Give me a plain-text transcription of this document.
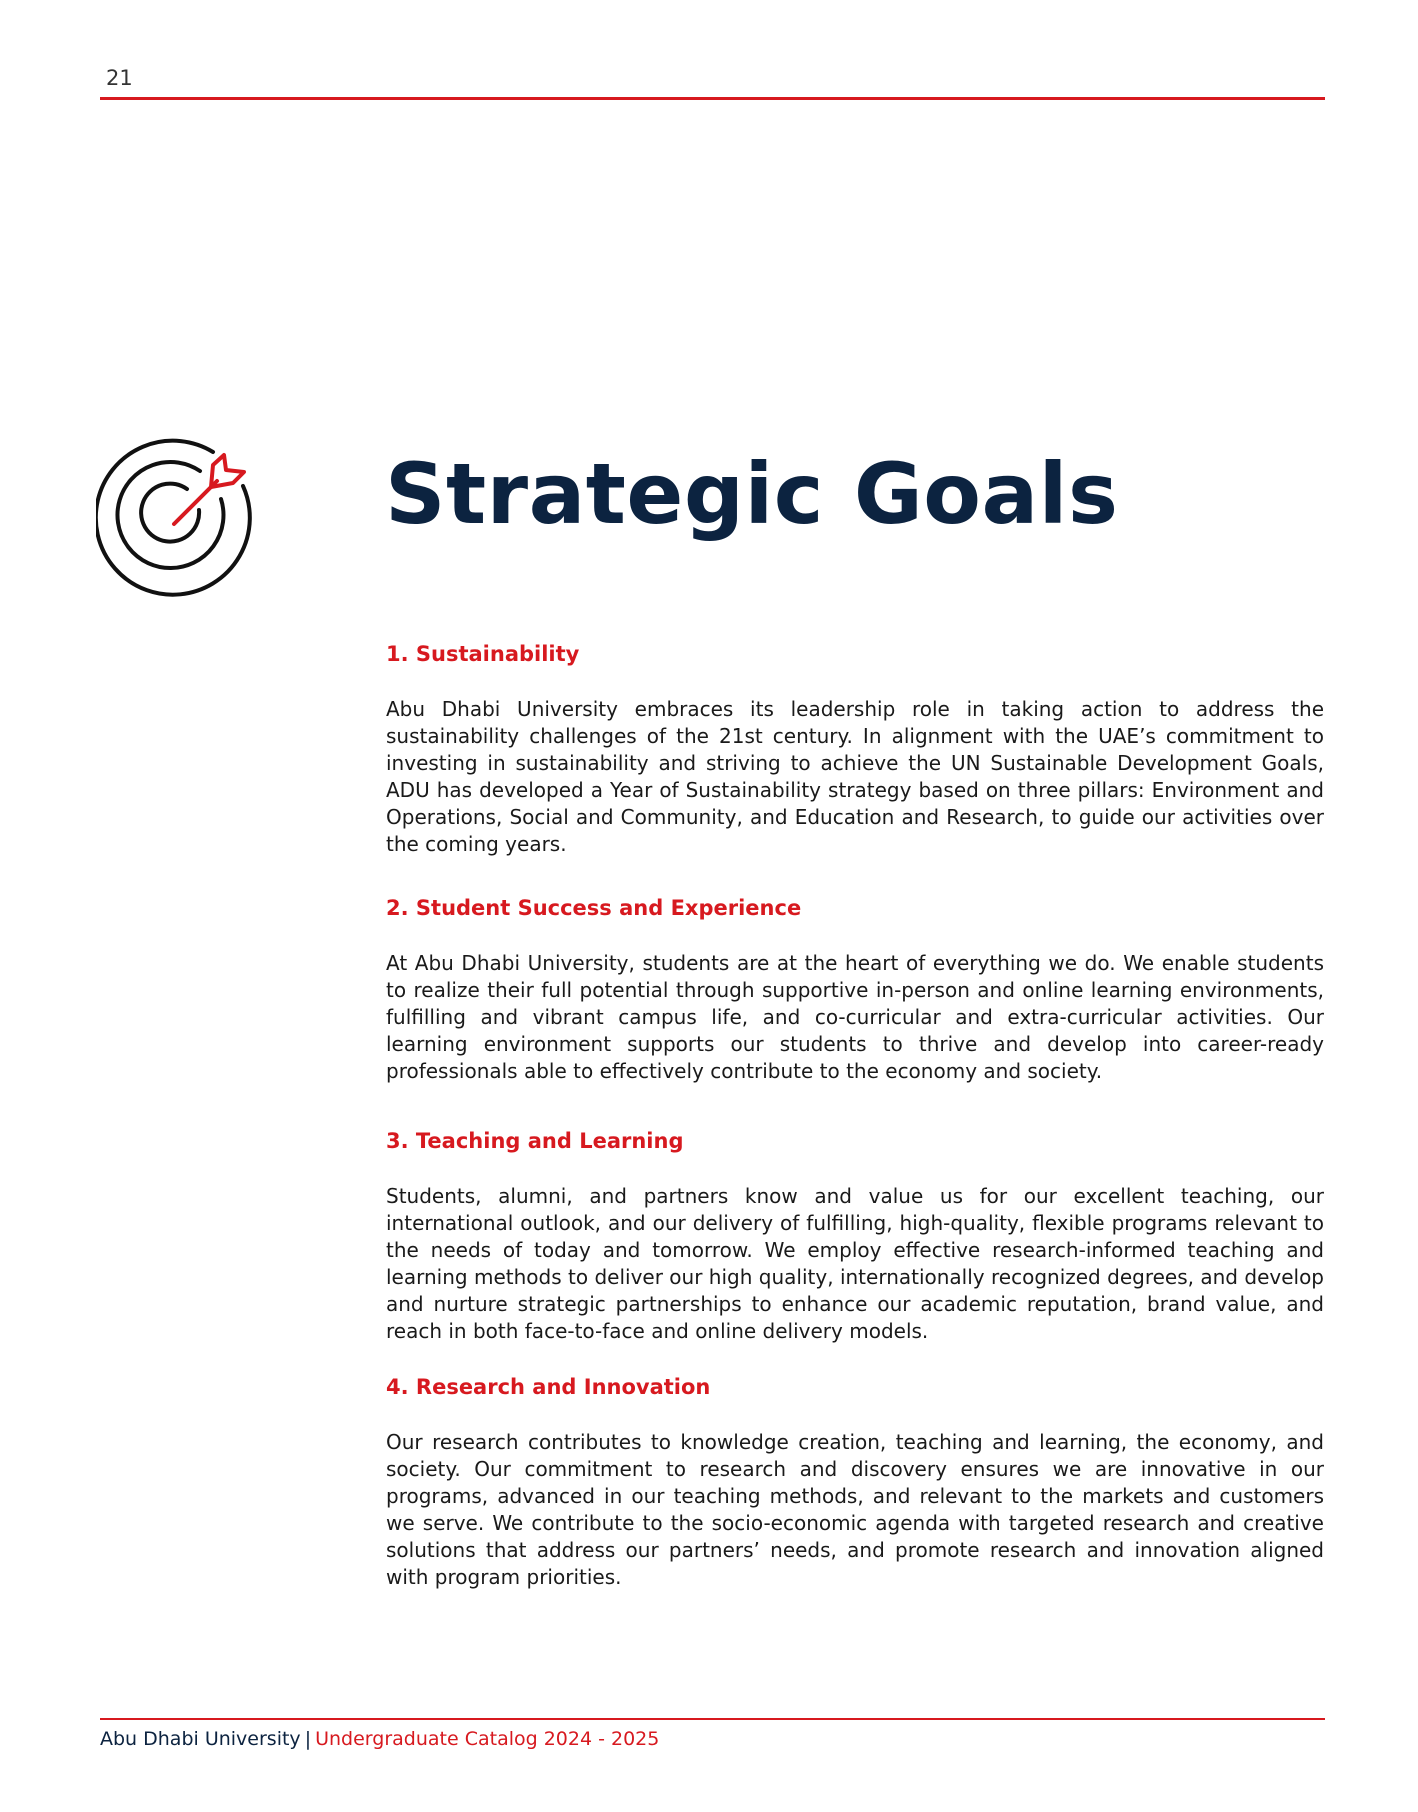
21
Strategic Goals
1. Sustainability

Abu Dhabi University embraces its leadership role in taking action to address the sustainability challenges of the 21st century. In alignment with the UAE’s commitment to investing in sustainability and striving to achieve the UN Sustainable Development Goals, ADU has developed a Year of Sustainability strategy based on three pillars: Environment and Operations, Social and Community, and Education and Research, to guide our activities over the coming years.

2. Student Success and Experience

At Abu Dhabi University, students are at the heart of everything we do. We enable students to realize their full potential through supportive in-person and online learning environments, fulfilling and vibrant campus life, and co-curricular and extra-curricular activities. Our learning environment supports our students to thrive and develop into career-ready professionals able to effectively contribute to the economy and society.

3. Teaching and Learning

Students, alumni, and partners know and value us for our excellent teaching, our international outlook, and our delivery of fulfilling, high-quality, flexible programs relevant to the needs of today and tomorrow. We employ effective research-informed teaching and learning methods to deliver our high quality, internationally recognized degrees, and develop and nurture strategic partnerships to enhance our academic reputation, brand value, and reach in both face-to-face and online delivery models.

4. Research and Innovation

Our research contributes to knowledge creation, teaching and learning, the economy, and society. Our commitment to research and discovery ensures we are innovative in our programs, advanced in our teaching methods, and relevant to the markets and customers we serve. We contribute to the socio-economic agenda with targeted research and creative solutions that address our partners’ needs, and promote research and innovation aligned with program priorities.

Abu Dhabi University | Undergraduate Catalog 2024 - 2025
